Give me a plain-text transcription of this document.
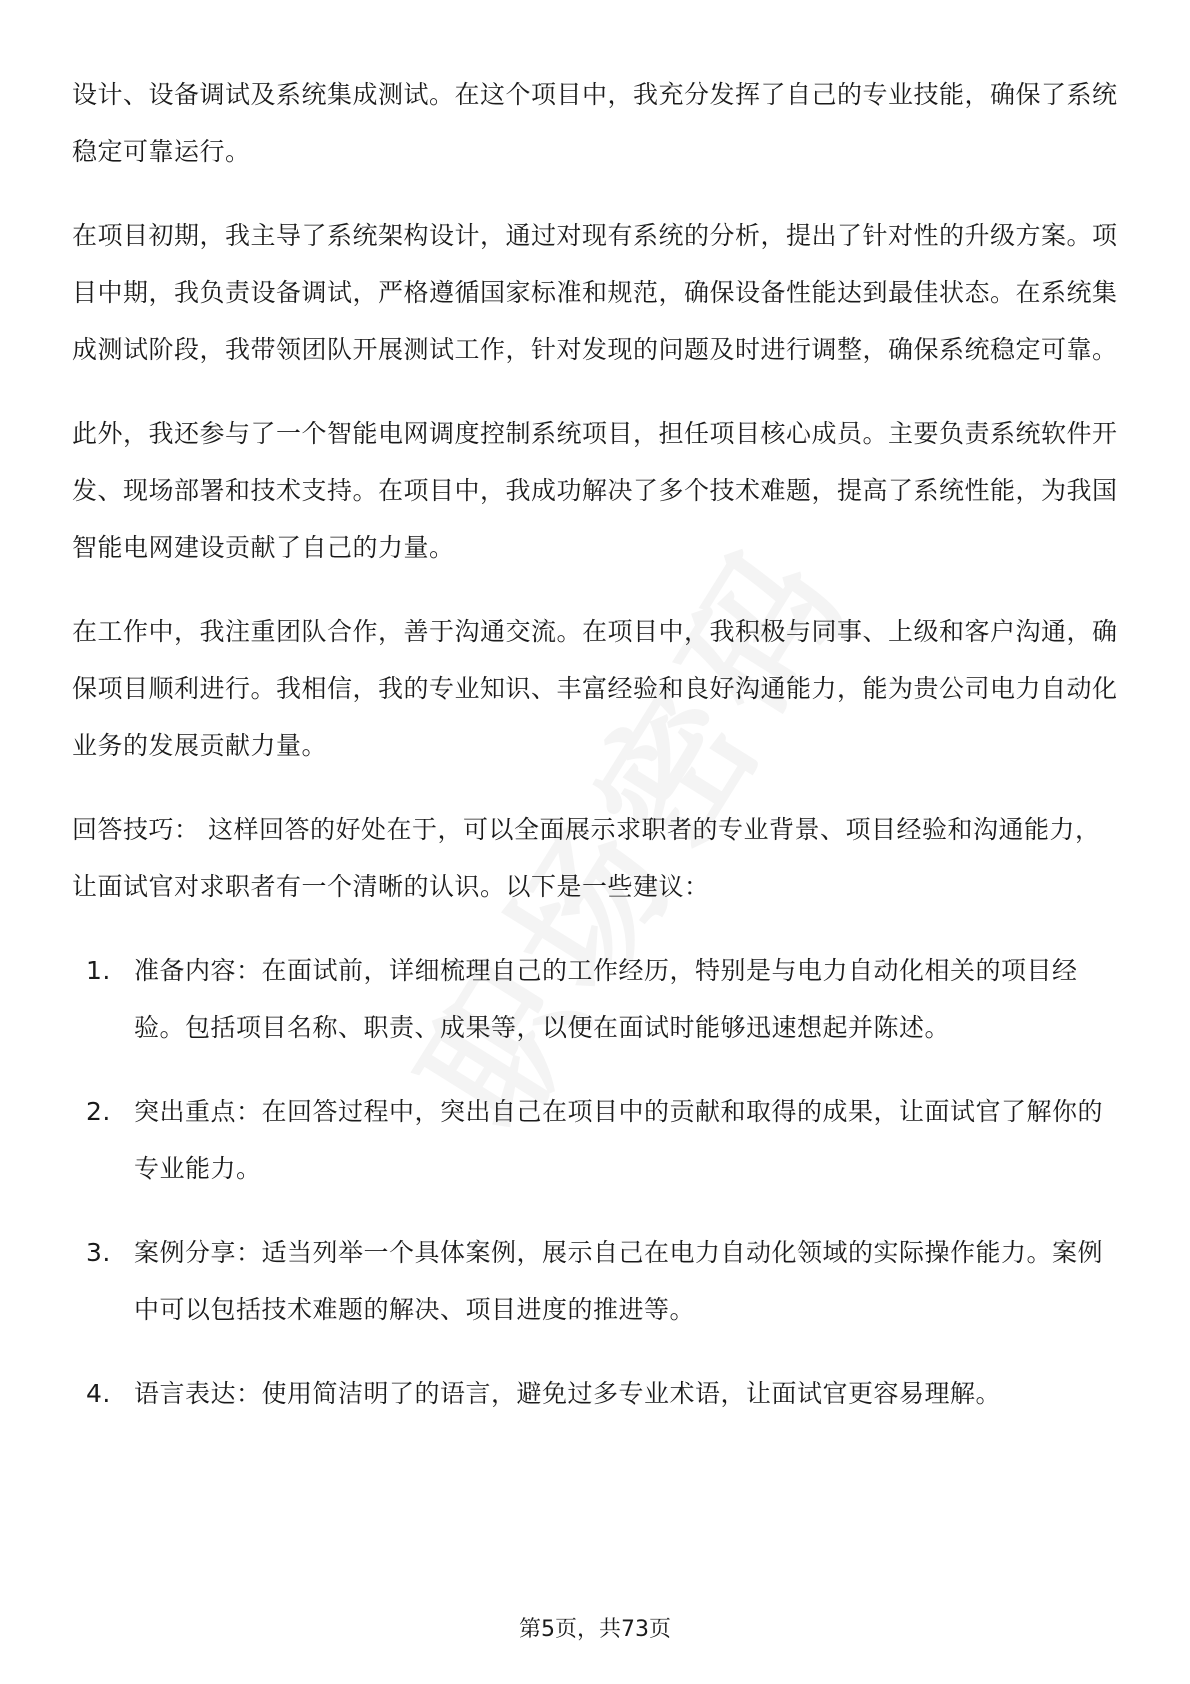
设计、设备调试及系统集成测试。在这个项目中，我充分发挥了自己的专业技能，确保了系统稳定可靠运行。

在项目初期，我主导了系统架构设计，通过对现有系统的分析，提出了针对性的升级方案。项目中期，我负责设备调试，严格遵循国家标准和规范，确保设备性能达到最佳状态。在系统集成测试阶段，我带领团队开展测试工作，针对发现的问题及时进行调整，确保系统稳定可靠。

此外，我还参与了一个智能电网调度控制系统项目，担任项目核心成员。主要负责系统软件开发、现场部署和技术支持。在项目中，我成功解决了多个技术难题，提高了系统性能，为我国智能电网建设贡献了自己的力量。

在工作中，我注重团队合作，善于沟通交流。在项目中，我积极与同事、上级和客户沟通，确保项目顺利进行。我相信，我的专业知识、丰富经验和良好沟通能力，能为贵公司电力自动化业务的发展贡献力量。

回答技巧： 这样回答的好处在于，可以全面展示求职者的专业背景、项目经验和沟通能力，让面试官对求职者有一个清晰的认识。以下是一些建议：

1. 准备内容：在面试前，详细梳理自己的工作经历，特别是与电力自动化相关的项目经验。包括项目名称、职责、成果等，以便在面试时能够迅速想起并陈述。
2. 突出重点：在回答过程中，突出自己在项目中的贡献和取得的成果，让面试官了解你的专业能力。
3. 案例分享：适当列举一个具体案例，展示自己在电力自动化领域的实际操作能力。案例中可以包括技术难题的解决、项目进度的推进等。
4. 语言表达：使用简洁明了的语言，避免过多专业术语，让面试官更容易理解。
第5页，共73页
